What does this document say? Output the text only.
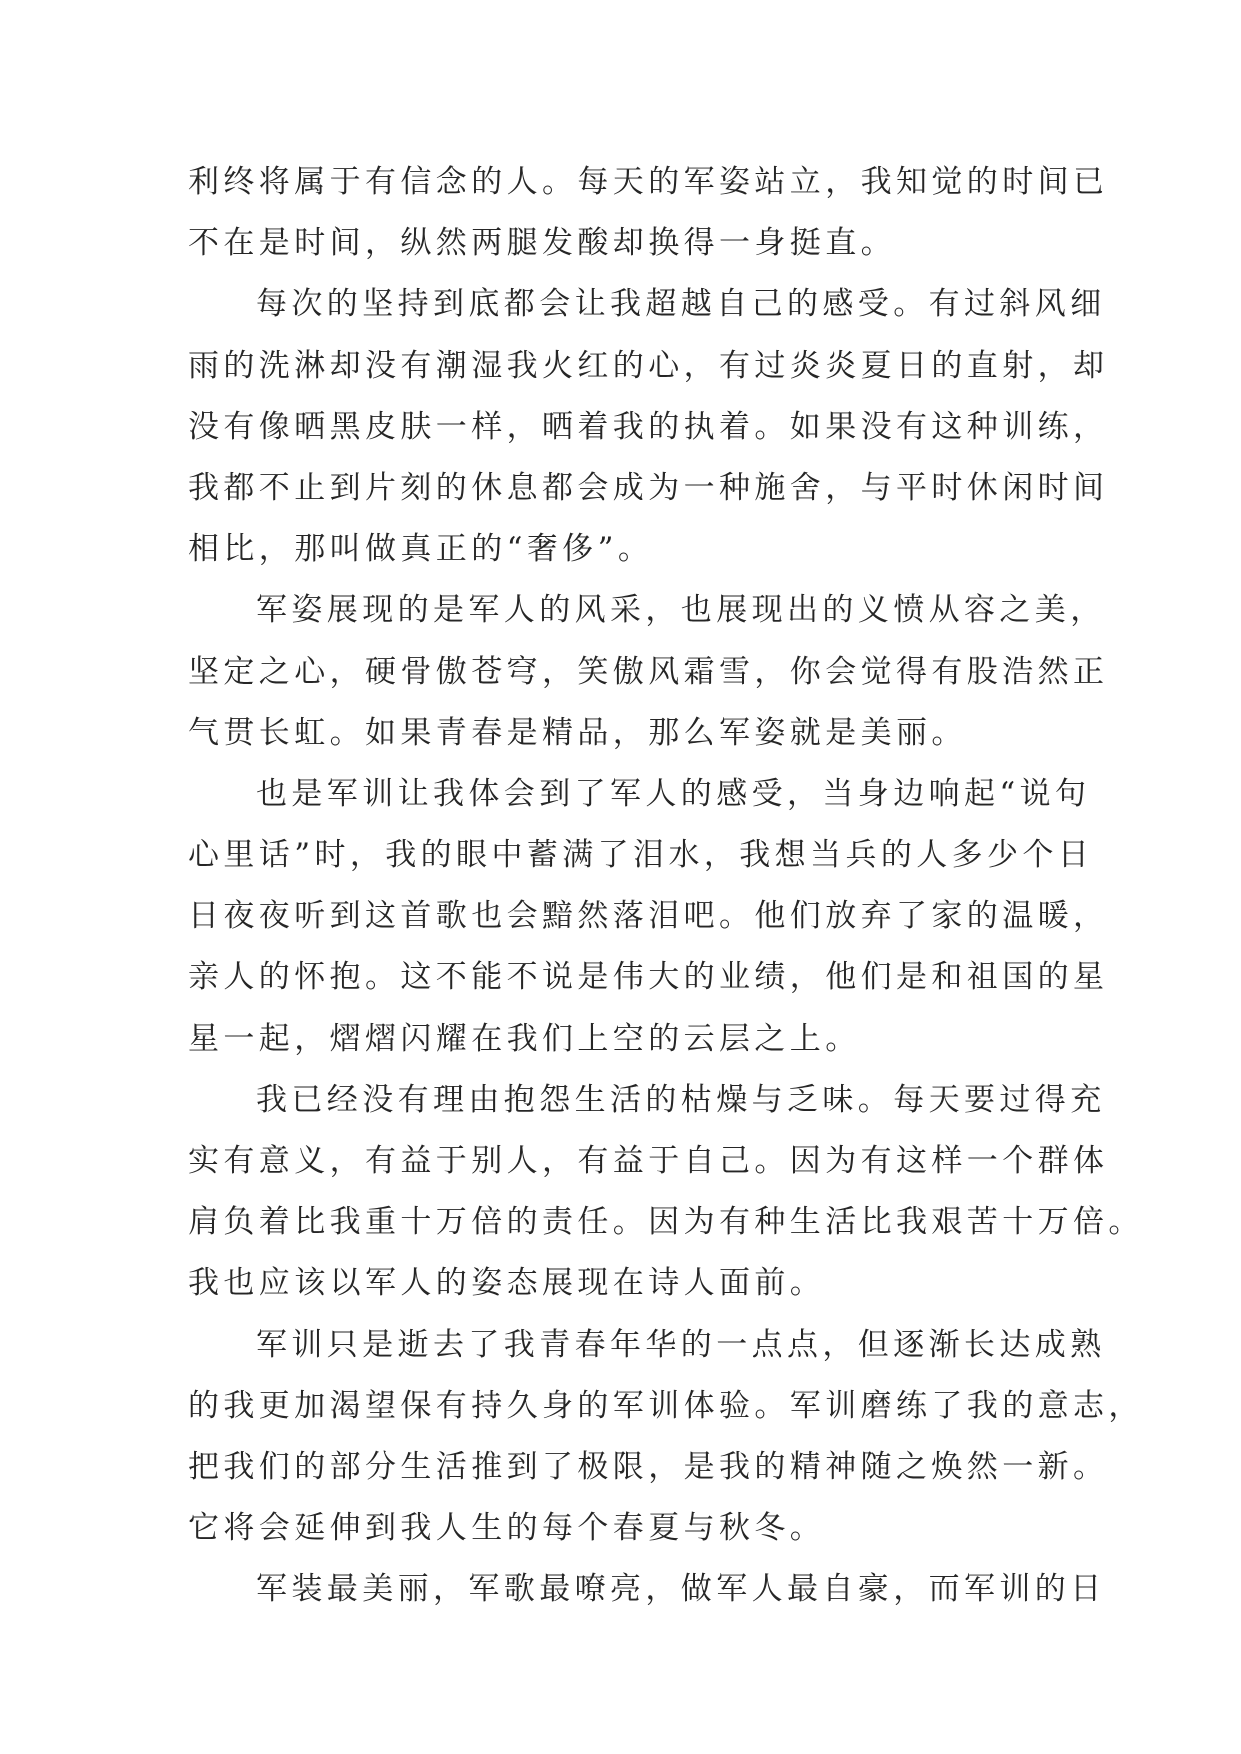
利终将属于有信念的人。每天的军姿站立，我知觉的时间已
不在是时间，纵然两腿发酸却换得一身挺直。
每次的坚持到底都会让我超越自己的感受。有过斜风细
雨的洗淋却没有潮湿我火红的心，有过炎炎夏日的直射，却
没有像晒黑皮肤一样，晒着我的执着。如果没有这种训练，
我都不止到片刻的休息都会成为一种施舍，与平时休闲时间
相比，那叫做真正的“奢侈”。
军姿展现的是军人的风采，也展现出的义愤从容之美，
坚定之心，硬骨傲苍穹，笑傲风霜雪，你会觉得有股浩然正
气贯长虹。如果青春是精品，那么军姿就是美丽。
也是军训让我体会到了军人的感受，当身边响起“说句
心里话”时，我的眼中蓄满了泪水，我想当兵的人多少个日
日夜夜听到这首歌也会黯然落泪吧。他们放弃了家的温暖，
亲人的怀抱。这不能不说是伟大的业绩，他们是和祖国的星
星一起，熠熠闪耀在我们上空的云层之上。
我已经没有理由抱怨生活的枯燥与乏味。每天要过得充
实有意义，有益于别人，有益于自己。因为有这样一个群体
肩负着比我重十万倍的责任。因为有种生活比我艰苦十万倍。
我也应该以军人的姿态展现在诗人面前。
军训只是逝去了我青春年华的一点点，但逐渐长达成熟
的我更加渴望保有持久身的军训体验。军训磨练了我的意志，
把我们的部分生活推到了极限，是我的精神随之焕然一新。
它将会延伸到我人生的每个春夏与秋冬。
军装最美丽，军歌最嘹亮，做军人最自豪，而军训的日
